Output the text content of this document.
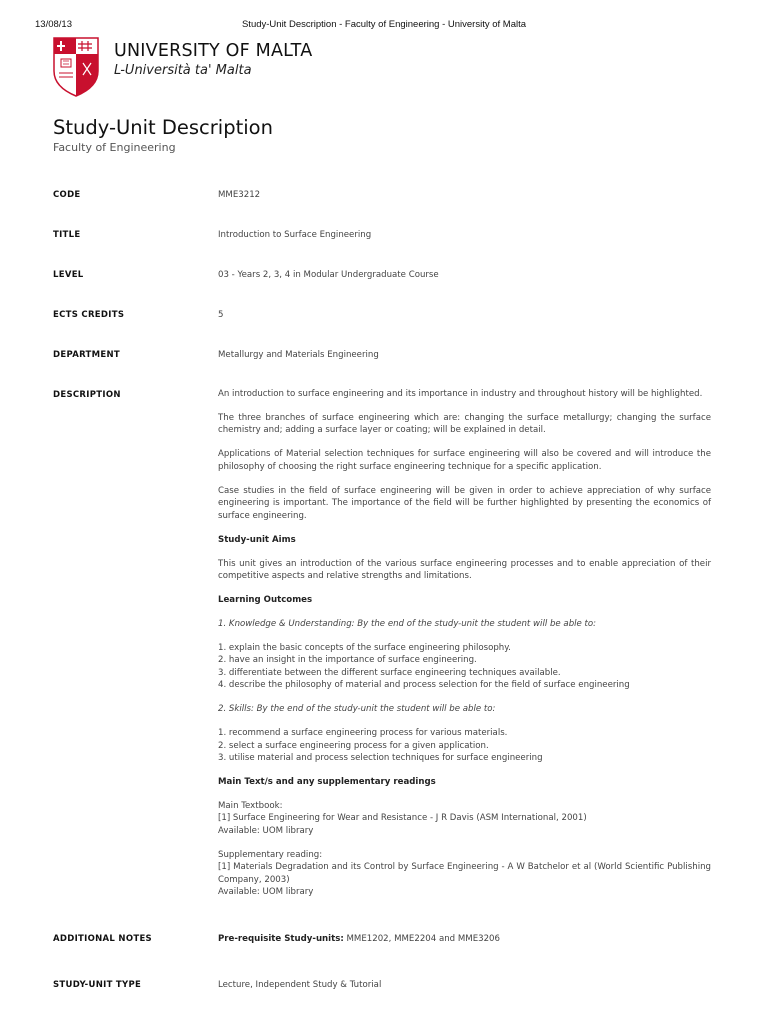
13/08/13	Study-Unit Description - Faculty of Engineering - University of Malta
UNIVERSITY OF MALTA
L-Università ta' Malta
Study-Unit Description
Faculty of Engineering
CODE	MME3212
TITLE	Introduction to Surface Engineering
LEVEL	03 - Years 2, 3, 4 in Modular Undergraduate Course
ECTS CREDITS	5
DEPARTMENT	Metallurgy and Materials Engineering
DESCRIPTION	An introduction to surface engineering and its importance in industry and throughout history will be highlighted.

The three branches of surface engineering which are: changing the surface metallurgy; changing the surface chemistry and; adding a surface layer or coating; will be explained in detail.

Applications of Material selection techniques for surface engineering will also be covered and will introduce the philosophy of choosing the right surface engineering technique for a specific application.

Case studies in the field of surface engineering will be given in order to achieve appreciation of why surface engineering is important. The importance of the field will be further highlighted by presenting the economics of surface engineering.

Study-unit Aims

This unit gives an introduction of the various surface engineering processes and to enable appreciation of their competitive aspects and relative strengths and limitations.

Learning Outcomes

1. Knowledge & Understanding: By the end of the study-unit the student will be able to:

1. explain the basic concepts of the surface engineering philosophy.
2. have an insight in the importance of surface engineering.
3. differentiate between the different surface engineering techniques available.
4. describe the philosophy of material and process selection for the field of surface engineering

2. Skills: By the end of the study-unit the student will be able to:

1. recommend a surface engineering process for various materials.
2. select a surface engineering process for a given application.
3. utilise material and process selection techniques for surface engineering

Main Text/s and any supplementary readings

Main Textbook:
[1] Surface Engineering for Wear and Resistance - J R Davis (ASM International, 2001)
Available: UOM library
Supplementary reading:

[1] Materials Degradation and its Control by Surface Engineering - A W Batchelor et al (World Scientific Publishing Company, 2003)

Available: UOM library
ADDITIONAL NOTES	Pre-requisite Study-units: MME1202, MME2204 and MME3206
STUDY-UNIT TYPE	Lecture, Independent Study & Tutorial
